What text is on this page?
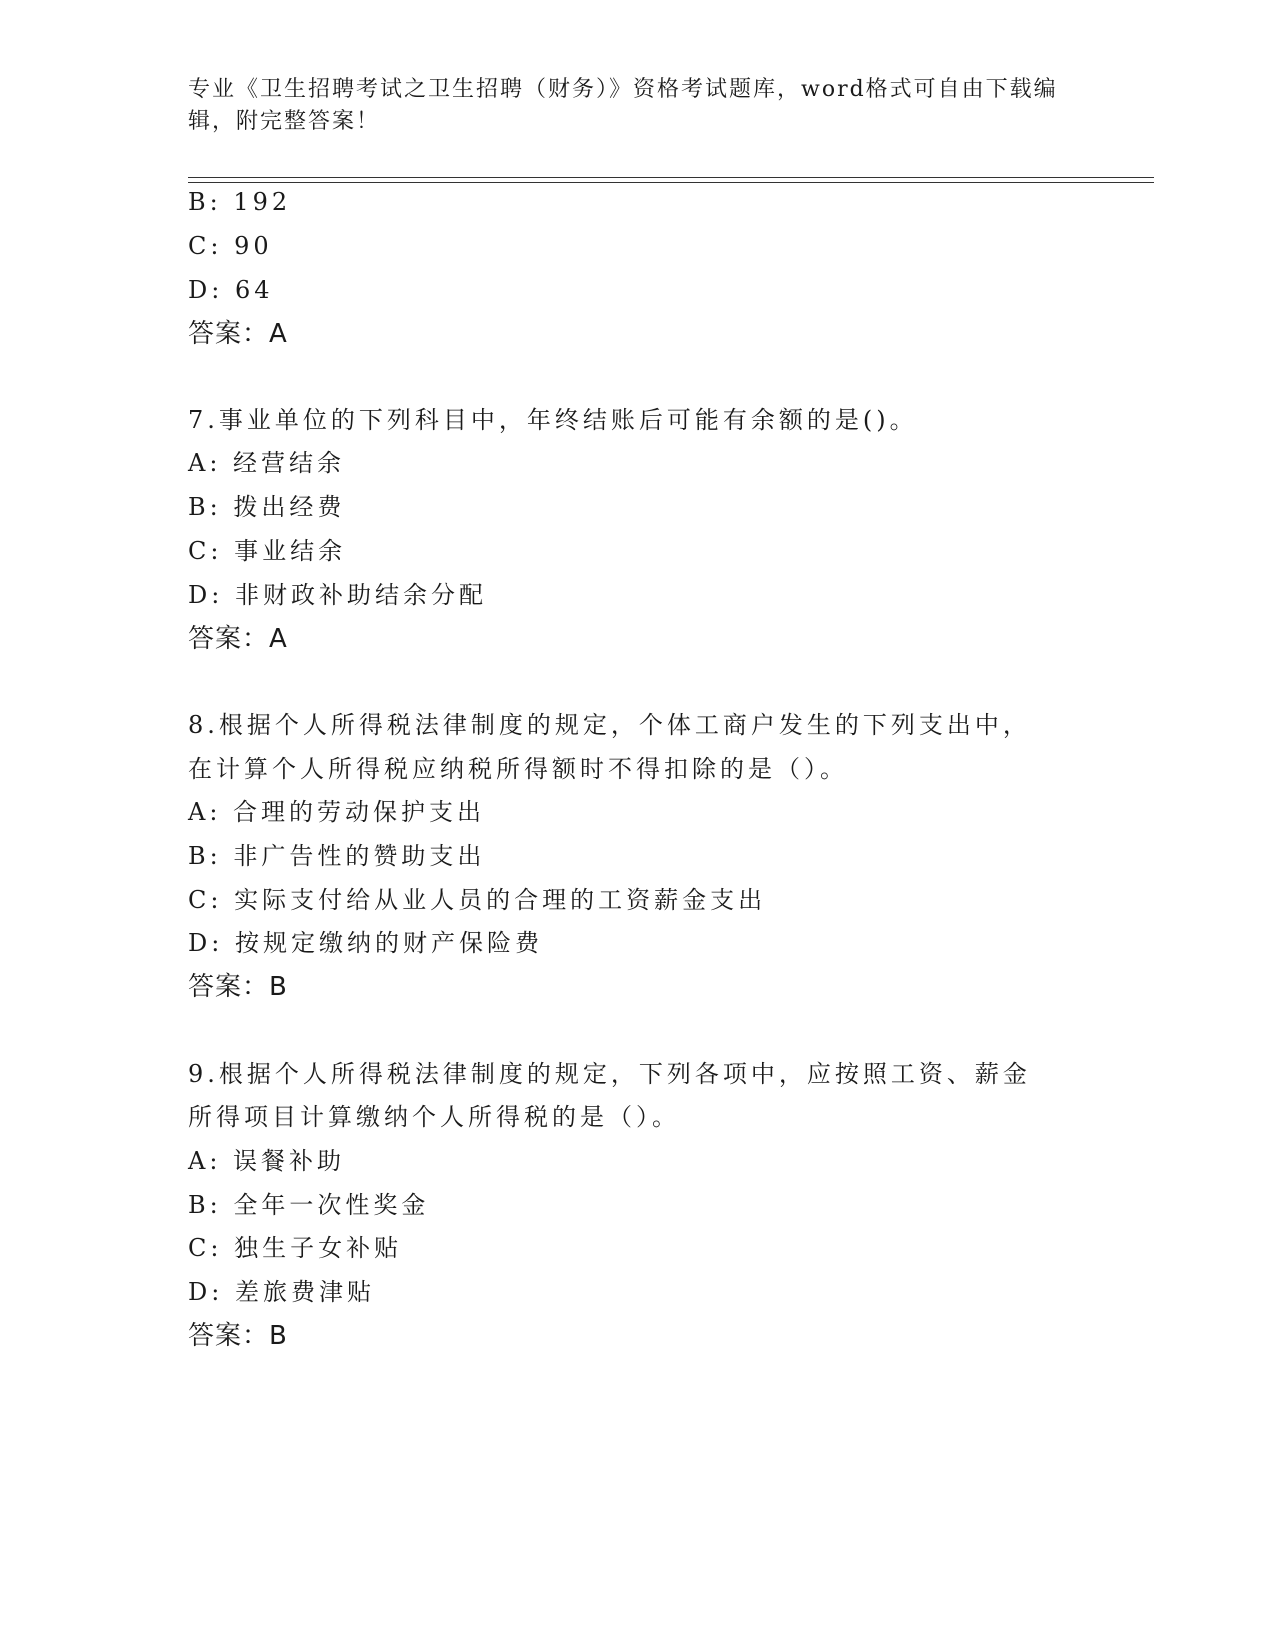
专业《卫生招聘考试之卫生招聘（财务）》资格考试题库，word格式可自由下载编辑，附完整答案！
B: 192
C: 90
D: 64
答案：A
7.事业单位的下列科目中，年终结账后可能有余额的是()。
A: 经营结余
B: 拨出经费
C: 事业结余
D: 非财政补助结余分配
答案：A
8.根据个人所得税法律制度的规定，个体工商户发生的下列支出中，
在计算个人所得税应纳税所得额时不得扣除的是（）。
A: 合理的劳动保护支出
B: 非广告性的赞助支出
C: 实际支付给从业人员的合理的工资薪金支出
D: 按规定缴纳的财产保险费
答案：B
9.根据个人所得税法律制度的规定，下列各项中，应按照工资、薪金
所得项目计算缴纳个人所得税的是（）。
A: 误餐补助
B: 全年一次性奖金
C: 独生子女补贴
D: 差旅费津贴
答案：B
